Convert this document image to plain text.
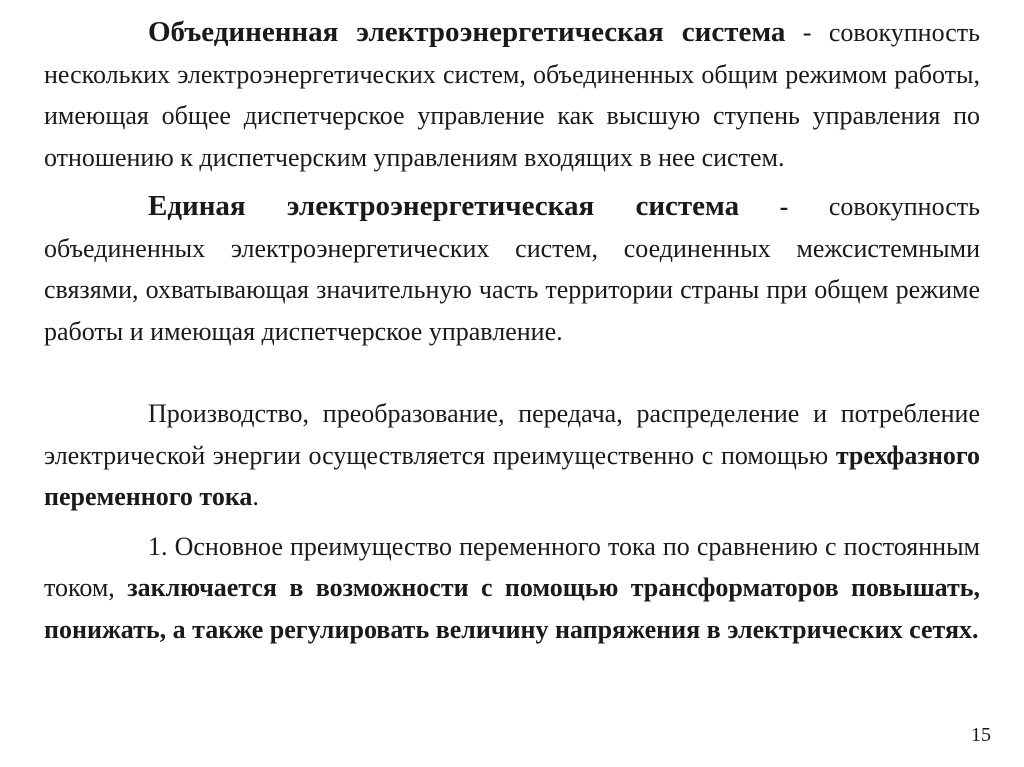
Объединенная электроэнергетическая система - совокупность нескольких электроэнергетических систем, объединенных общим режимом работы, имеющая общее диспетчерское управление как высшую ступень управления по отношению к диспетчерским управлениям входящих в нее систем.

Единая электроэнергетическая система - совокупность объединенных электроэнергетических систем, соединенных межсистемными связями, охватывающая значительную часть территории страны при общем режиме работы и имеющая диспетчерское управление.

Производство, преобразование, передача, распределение и потребление электрической энергии осуществляется преимущественно с помощью трехфазного переменного тока.

1. Основное преимущество переменного тока по сравнению с постоянным током, заключается в возможности с помощью трансформаторов повышать, понижать, а также регулировать величину напряжения в электрических сетях.

15
